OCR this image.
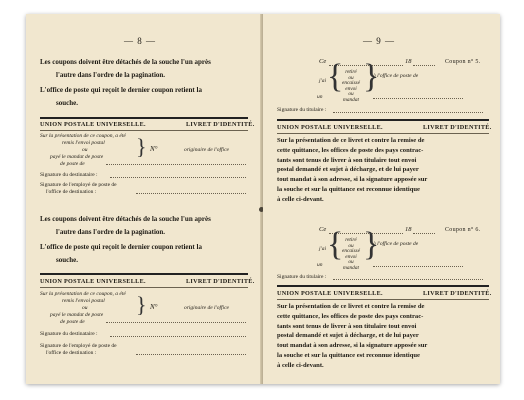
— 8 —
Les coupons doivent être détachés de la souche l'un après
l'autre dans l'ordre de la pagination.
L'office de poste qui reçoit le dernier coupon retient la
souche.
UNION POSTALE UNIVERSELLE.	LIVRET D'IDENTITÉ.
Sur la présentation de ce coupon, a été
remis l'envoi postal
ou
payé le mandat de poste
de poste de
} N°	originaire de l'office
Signature du destinataire :
Signature de l'employé de poste de
l'office de destination :
Les coupons doivent être détachés de la souche l'un après
l'autre dans l'ordre de la pagination.
L'office de poste qui reçoit le dernier coupon retient la
souche.
UNION POSTALE UNIVERSELLE.	LIVRET D'IDENTITÉ.
Sur la présentation de ce coupon, a été
remis l'envoi postal
ou
payé le mandat de poste
de poste de
} N°	originaire de l'office
Signature du destinataire :
Signature de l'employé de poste de
l'office de destination :
— 9 —
Ce	18	Coupon n° 5.
j'ai { retiré
ou
encaissé
envoi
ou
mandat
}
à l'office de poste de
un
Signature du titulaire :
UNION POSTALE UNIVERSELLE.	LIVRET D'IDENTITÉ.
Sur la présentation de ce livret et contre la remise de
cette quittance, les offices de poste des pays contrac-
tants sont tenus de livrer à son titulaire tout envoi
postal demandé et sujet à décharge, et de lui payer
tout mandat à son adresse, si la signature apposée sur
la souche et sur la quittance est reconnue identique
à celle ci-devant.
Ce	18	Coupon n° 6.
j'ai { retiré
ou
encaissé
envoi
ou
mandat
}
à l'office de poste de
un
Signature du titulaire :
UNION POSTALE UNIVERSELLE.	LIVRET D'IDENTITÉ.
Sur la présentation de ce livret et contre la remise de
cette quittance, les offices de poste des pays contrac-
tants sont tenus de livrer à son titulaire tout envoi
postal demandé et sujet à décharge, et de lui payer
tout mandat à son adresse, si la signature apposée sur
la souche et sur la quittance est reconnue identique
à celle ci-devant.
